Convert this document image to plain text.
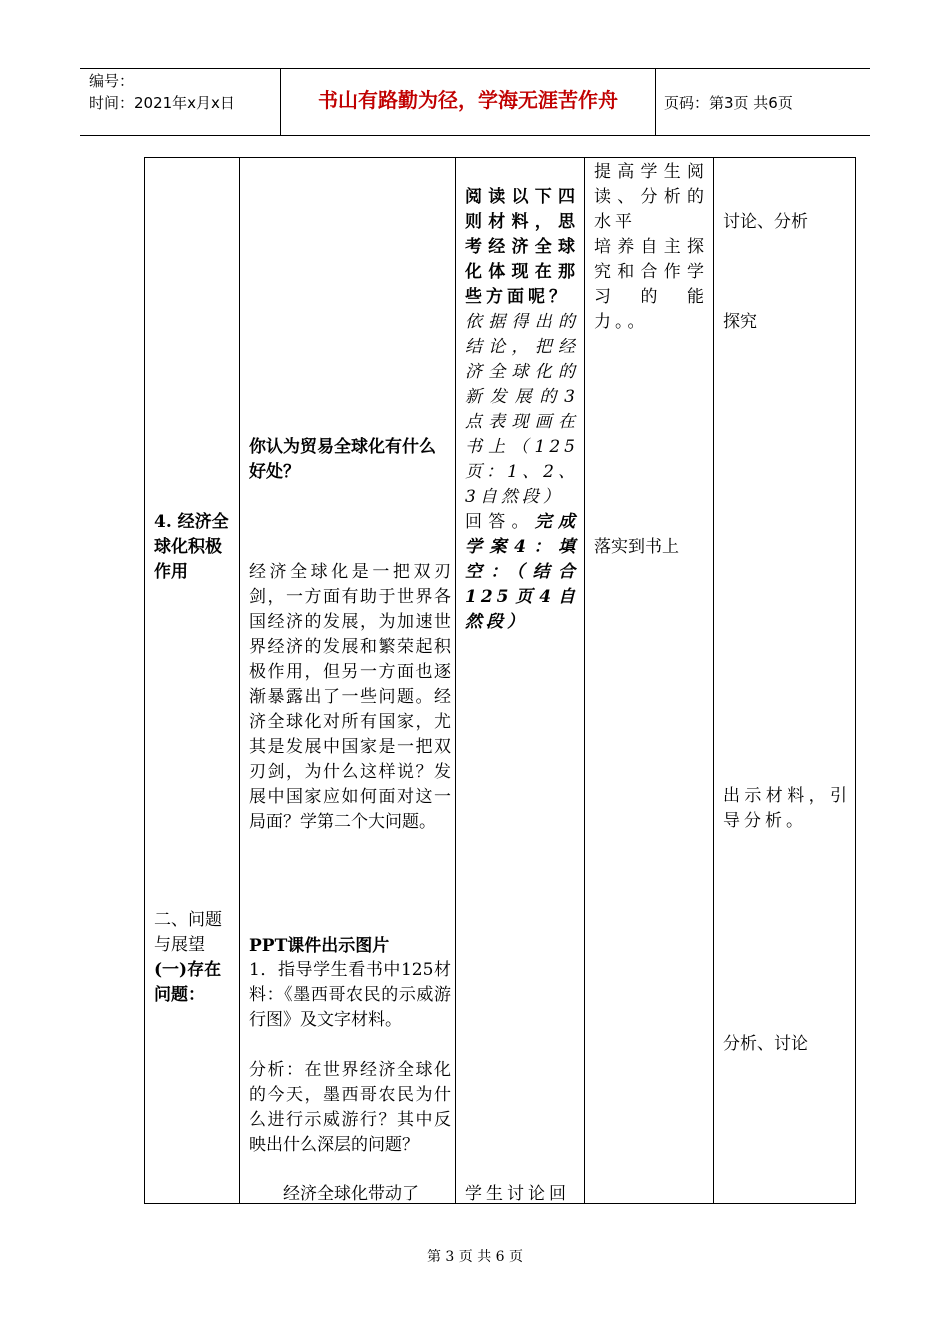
编号：
时间：2021年x月x日	书山有路勤为径，学海无涯苦作舟	页码：第3页 共6页
4. 经济全球化积极作用
二、问题与展望
(一)存在问题：
你认为贸易全球化有什么好处？
经济全球化是一把双刃剑，一方面有助于世界各国经济的发展，为加速世界经济的发展和繁荣起积极作用，但另一方面也逐渐暴露出了一些问题。经济全球化对所有国家，尤其是发展中国家是一把双刃剑，为什么这样说？发展中国家应如何面对这一局面？学第二个大问题。
PPT课件出示图片
1．指导学生看书中125材料：《墨西哥农民的示威游行图》及文字材料。
分析：在世界经济全球化的今天，墨西哥农民为什么进行示威游行？其中反映出什么深层的问题？
经济全球化带动了
阅读以下四则材料，思考经济全球化体现在那些方面呢？
依据得出的结论，把经济全球化的新发展的3点表现画在书上（125页：1、2、3自然段）
回答。完成学案4：填空：（结合125页4自然段）
学生讨论回
提高学生阅读、分析的水平
培养自主探究和合作学习的能力。。
落实到书上
讨论、分析
探究
出示材料，引导分析。
分析、讨论
第 3 页 共 6 页
